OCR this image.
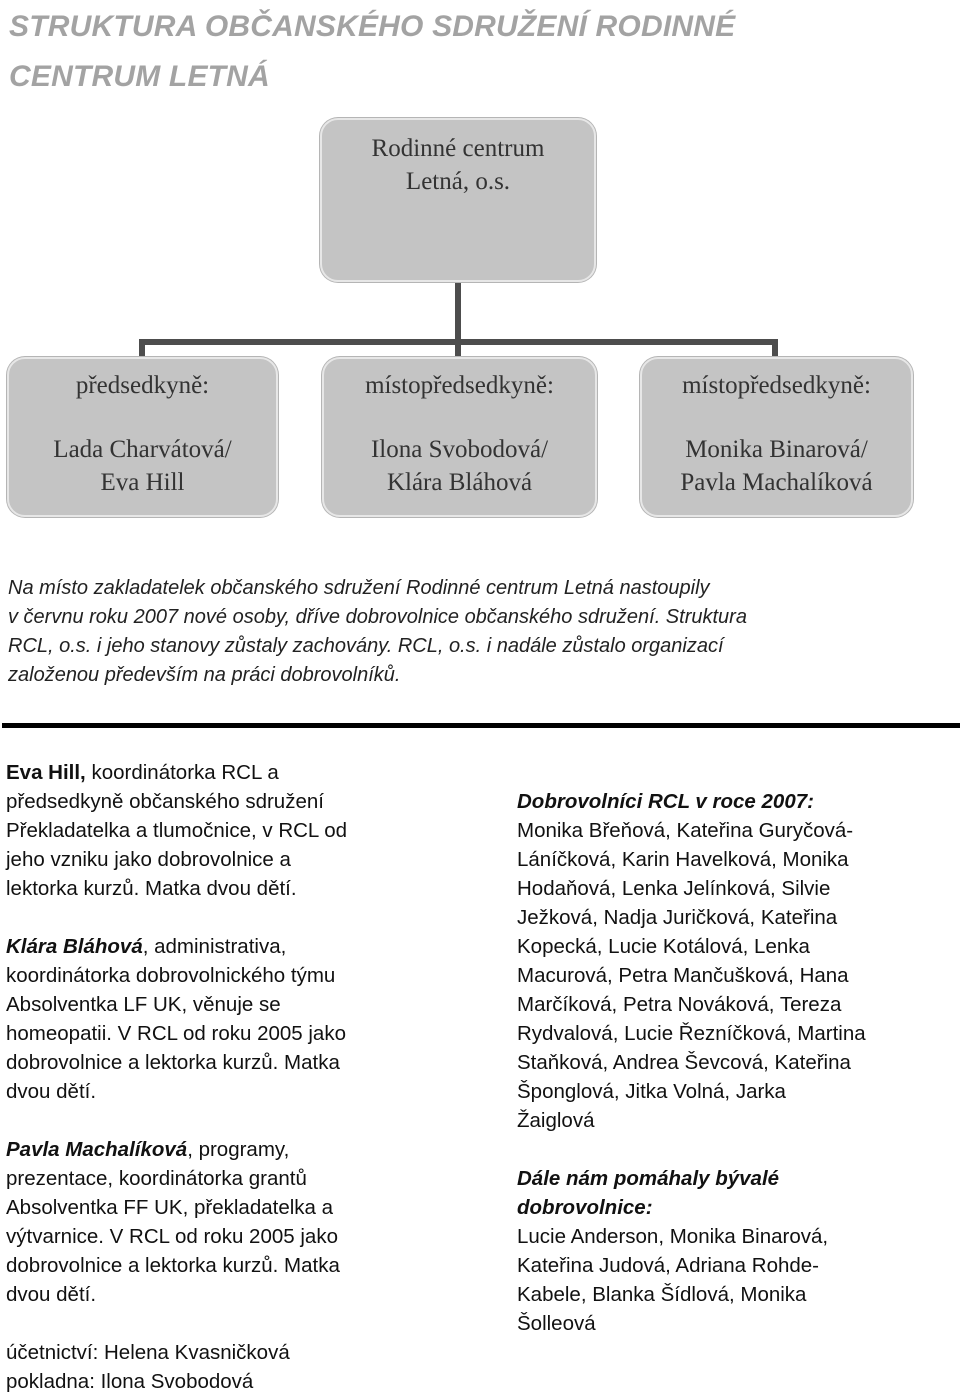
STRUKTURA OBČANSKÉHO SDRUŽENÍ RODINNÉ
CENTRUM LETNÁ
Rodinné centrum
Letná, o.s.
předsedkyně:
Lada Charvátová/
Eva Hill
místopředsedkyně:
Ilona Svobodová/
Klára Bláhová
místopředsedkyně:
Monika Binarová/
Pavla Machalíková

Na místo zakladatelek občanského sdružení Rodinné centrum Letná nastoupily
v červnu roku 2007 nové osoby, dříve dobrovolnice občanského sdružení. Struktura
RCL, o.s. i jeho stanovy zůstaly zachovány. RCL, o.s. i nadále zůstalo organizací
založenou především na práci dobrovolníků.

Eva Hill, koordinátorka RCL a
předsedkyně občanského sdružení
Překladatelka a tlumočnice, v RCL od
jeho vzniku jako dobrovolnice a
lektorka kurzů. Matka dvou dětí.

Klára Bláhová, administrativa,
koordinátorka dobrovolnického týmu
Absolventka LF UK, věnuje se
homeopatii. V RCL od roku 2005 jako
dobrovolnice a lektorka kurzů. Matka
dvou dětí.

Pavla Machalíková, programy,
prezentace, koordinátorka grantů
Absolventka FF UK, překladatelka a
výtvarnice. V RCL od roku 2005 jako
dobrovolnice a lektorka kurzů. Matka
dvou dětí.

účetnictví: Helena Kvasničková
pokladna: Ilona Svobodová

Dobrovolníci RCL v roce 2007:
Monika Břeňová, Kateřina Guryčová-
Láníčková, Karin Havelková, Monika
Hodaňová, Lenka Jelínková, Silvie
Ježková, Nadja Juričková, Kateřina
Kopecká, Lucie Kotálová, Lenka
Macurová, Petra Mančušková, Hana
Marčíková, Petra Nováková, Tereza
Rydvalová, Lucie Řezníčková, Martina
Staňková, Andrea Ševcová, Kateřina
Šponglová, Jitka Volná, Jarka
Žaiglová

Dále nám pomáhaly bývalé
dobrovolnice:
Lucie Anderson, Monika Binarová,
Kateřina Judová, Adriana Rohde-
Kabele, Blanka Šídlová, Monika
Šolleová
